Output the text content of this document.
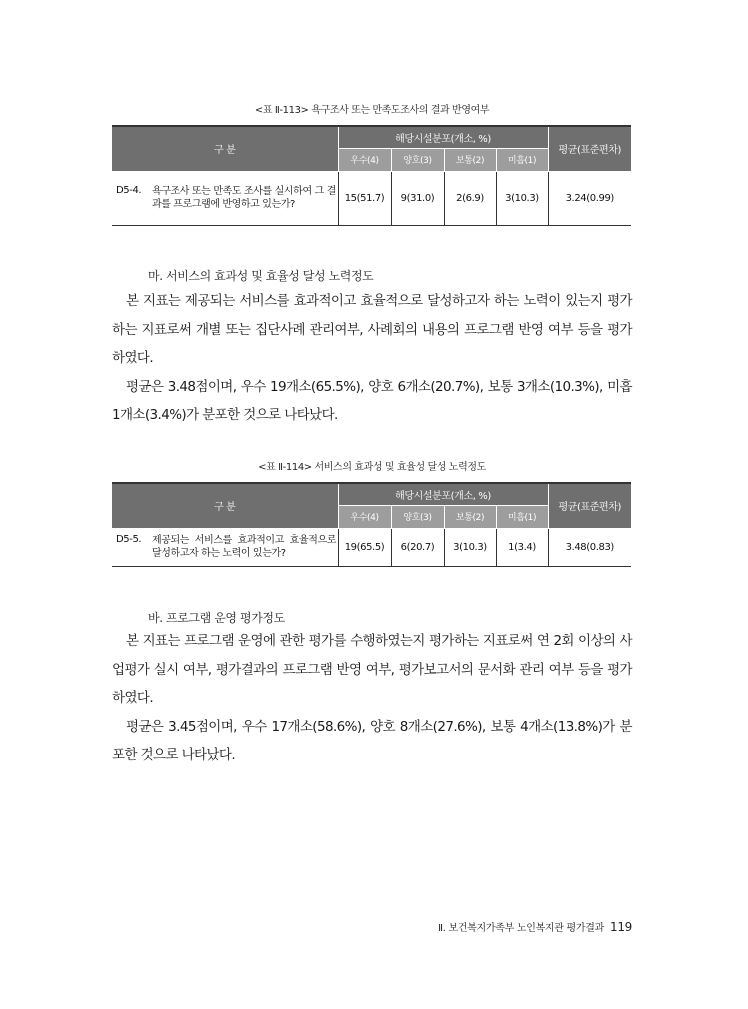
<표 Ⅱ-113> 욕구조사 또는 만족도조사의 결과 반영여부
구 분	해당시설분포(개소, %)				평균(표준편차)
	우수(4)	양호(3)	보통(2)	미흡(1)	
D5-4. 욕구조사 또는 만족도 조사를 실시하여 그 결과를 프로그램에 반영하고 있는가?	15(51.7)	9(31.0)	2(6.9)	3(10.3)	3.24(0.99)
마. 서비스의 효과성 및 효율성 달성 노력정도

본 지표는 제공되는 서비스를 효과적이고 효율적으로 달성하고자 하는 노력이 있는지 평가하는 지표로써 개별 또는 집단사례 관리여부, 사례회의 내용의 프로그램 반영 여부 등을 평가하였다.

평균은 3.48점이며, 우수 19개소(65.5%), 양호 6개소(20.7%), 보통 3개소(10.3%), 미흡 1개소(3.4%)가 분포한 것으로 나타났다.

<표 Ⅱ-114> 서비스의 효과성 및 효율성 달성 노력정도
구 분	해당시설분포(개소, %)				평균(표준편차)
	우수(4)	양호(3)	보통(2)	미흡(1)	
D5-5. 제공되는 서비스를 효과적이고 효율적으로 달성하고자 하는 노력이 있는가?	19(65.5)	6(20.7)	3(10.3)	1(3.4)	3.48(0.83)
바. 프로그램 운영 평가정도

본 지표는 프로그램 운영에 관한 평가를 수행하였는지 평가하는 지표로써 연 2회 이상의 사업평가 실시 여부, 평가결과의 프로그램 반영 여부, 평가보고서의 문서화 관리 여부 등을 평가하였다.

평균은 3.45점이며, 우수 17개소(58.6%), 양호 8개소(27.6%), 보통 4개소(13.8%)가 분포한 것으로 나타났다.

Ⅱ. 보건복지가족부 노인복지관 평가결과 119
